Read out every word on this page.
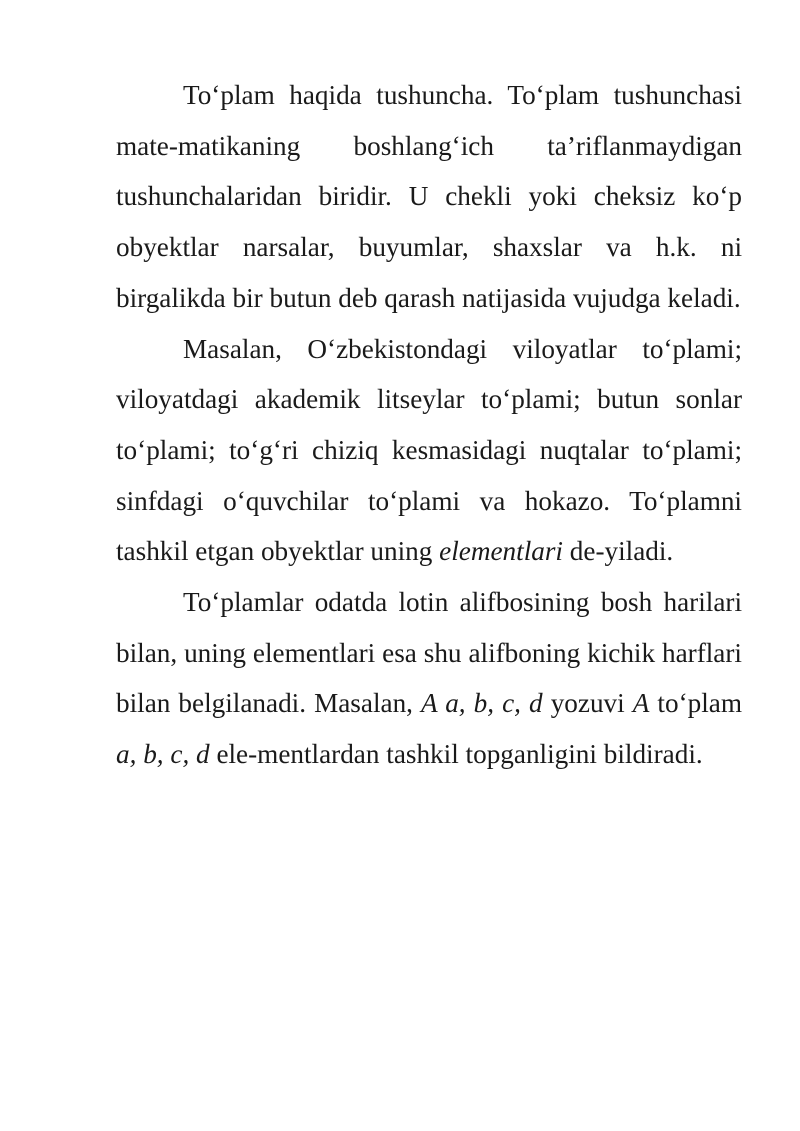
To‘plam haqida tushuncha. To‘plam tushunchasi mate-matikaning boshlang‘ich ta’riflanmaydigan tushunchalaridan biridir. U chekli yoki cheksiz ko‘p obyektlar narsalar, buyumlar, shaxslar va h.k. ni birgalikda bir butun deb qarash natijasida vujudga keladi.

Masalan, O‘zbekistondagi viloyatlar to‘plami; viloyatdagi akademik litseylar to‘plami; butun sonlar to‘plami; to‘g‘ri chiziq kesmasidagi nuqtalar to‘plami; sinfdagi o‘quvchilar to‘plami va hokazo. To‘plamni tashkil etgan obyektlar uning elementlari de-yiladi.

To‘plamlar odatda lotin alifbosining bosh harilari bilan, uning elementlari esa shu alifboning kichik harflari bilan belgilanadi. Masalan, A a, b, c, d yozuvi A to‘plam a, b, c, d ele-mentlardan tashkil topganligini bildiradi.
